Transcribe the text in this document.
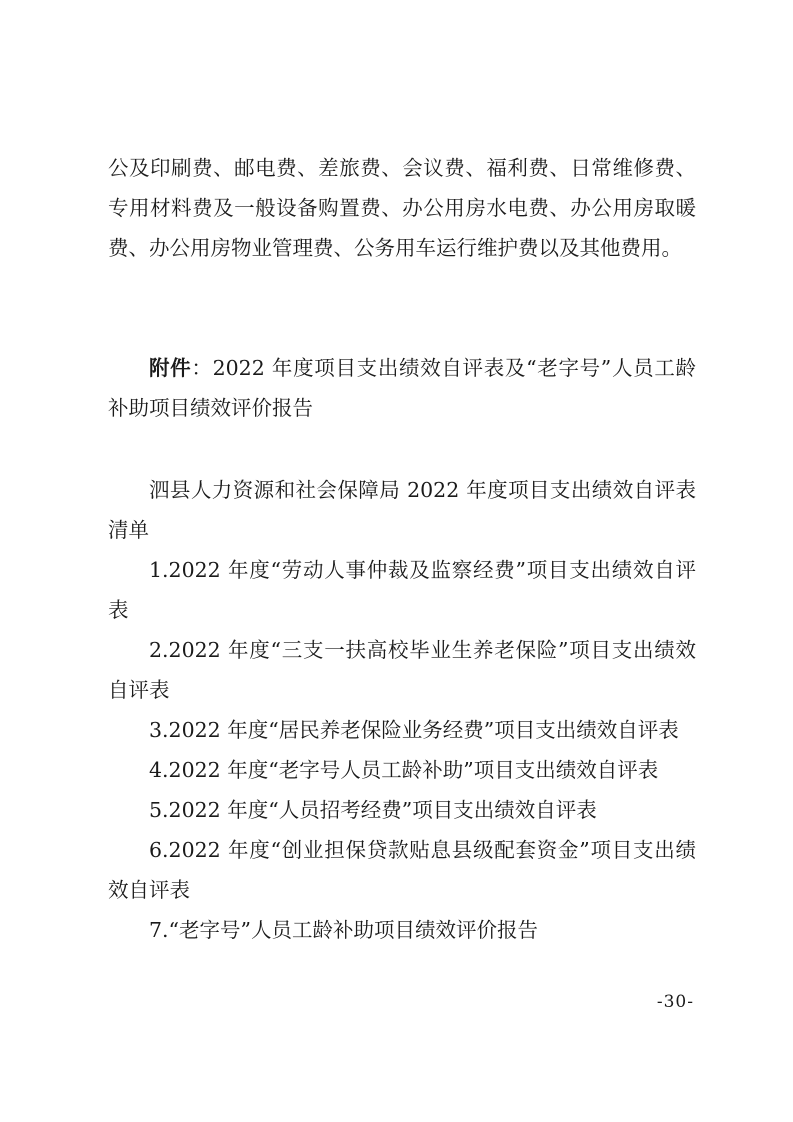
公及印刷费、邮电费、差旅费、会议费、福利费、日常维修费、专用材料费及一般设备购置费、办公用房水电费、办公用房取暖费、办公用房物业管理费、公务用车运行维护费以及其他费用。

附件：2022 年度项目支出绩效自评表及“老字号”人员工龄补助项目绩效评价报告

泗县人力资源和社会保障局 2022 年度项目支出绩效自评表清单

1.2022 年度“劳动人事仲裁及监察经费”项目支出绩效自评表

2.2022 年度“三支一扶高校毕业生养老保险”项目支出绩效自评表

3.2022 年度“居民养老保险业务经费”项目支出绩效自评表

4.2022 年度“老字号人员工龄补助”项目支出绩效自评表

5.2022 年度“人员招考经费”项目支出绩效自评表

6.2022 年度“创业担保贷款贴息县级配套资金”项目支出绩效自评表

7.“老字号”人员工龄补助项目绩效评价报告

-30-
